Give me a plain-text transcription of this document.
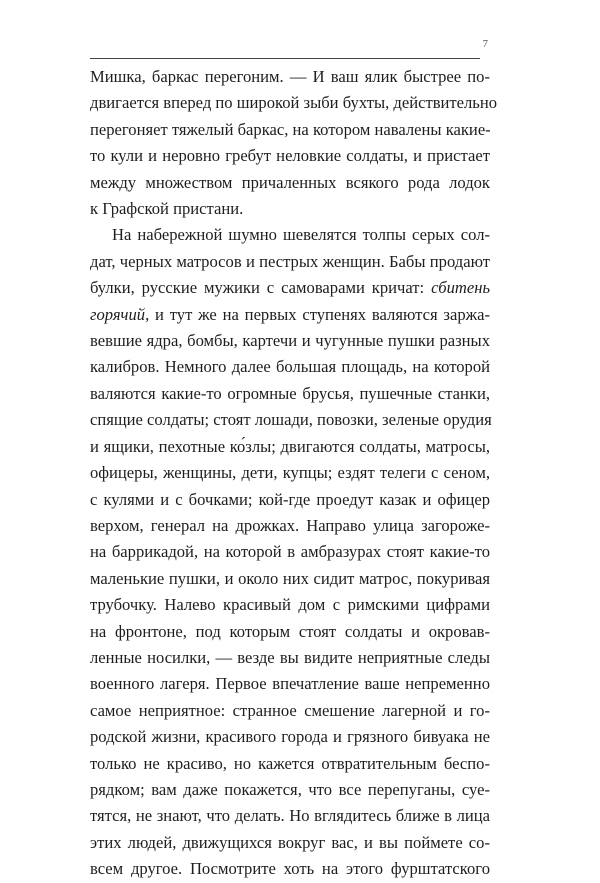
7
Мишка, баркас перегоним. — И ваш ялик быстрее по-
двигается вперед по широкой зыби бухты, действительно
перегоняет тяжелый баркас, на котором навалены какие-
то кули и неровно гребут неловкие солдаты, и пристает
между множеством причаленных всякого рода лодок
к Графской пристани.
На набережной шумно шевелятся толпы серых сол-
дат, черных матросов и пестрых женщин. Бабы продают
булки, русские мужики с самоварами кричат: сбитень
горячий, и тут же на первых ступенях валяются заржа-
вевшие ядра, бомбы, картечи и чугунные пушки разных
калибров. Немного далее большая площадь, на которой
валяются какие-то огромные брусья, пушечные станки,
спящие солдаты; стоят лошади, повозки, зеленые орудия
и ящики, пехотные ко́злы; двигаются солдаты, матросы,
офицеры, женщины, дети, купцы; ездят телеги с сеном,
с кулями и с бочками; кой-где проедут казак и офицер
верхом, генерал на дрожках. Направо улица загороже-
на баррикадой, на которой в амбразурах стоят какие-то
маленькие пушки, и около них сидит матрос, покуривая
трубочку. Налево красивый дом с римскими цифрами
на фронтоне, под которым стоят солдаты и окровав-
ленные носилки, — везде вы видите неприятные следы
военного лагеря. Первое впечатление ваше непременно
самое неприятное: странное смешение лагерной и го-
родской жизни, красивого города и грязного бивуака не
только не красиво, но кажется отвратительным беспо-
рядком; вам даже покажется, что все перепуганы, суе-
тятся, не знают, что делать. Но вглядитесь ближе в лица
этих людей, движущихся вокруг вас, и вы поймете со-
всем другое. Посмотрите хоть на этого фурштатского
